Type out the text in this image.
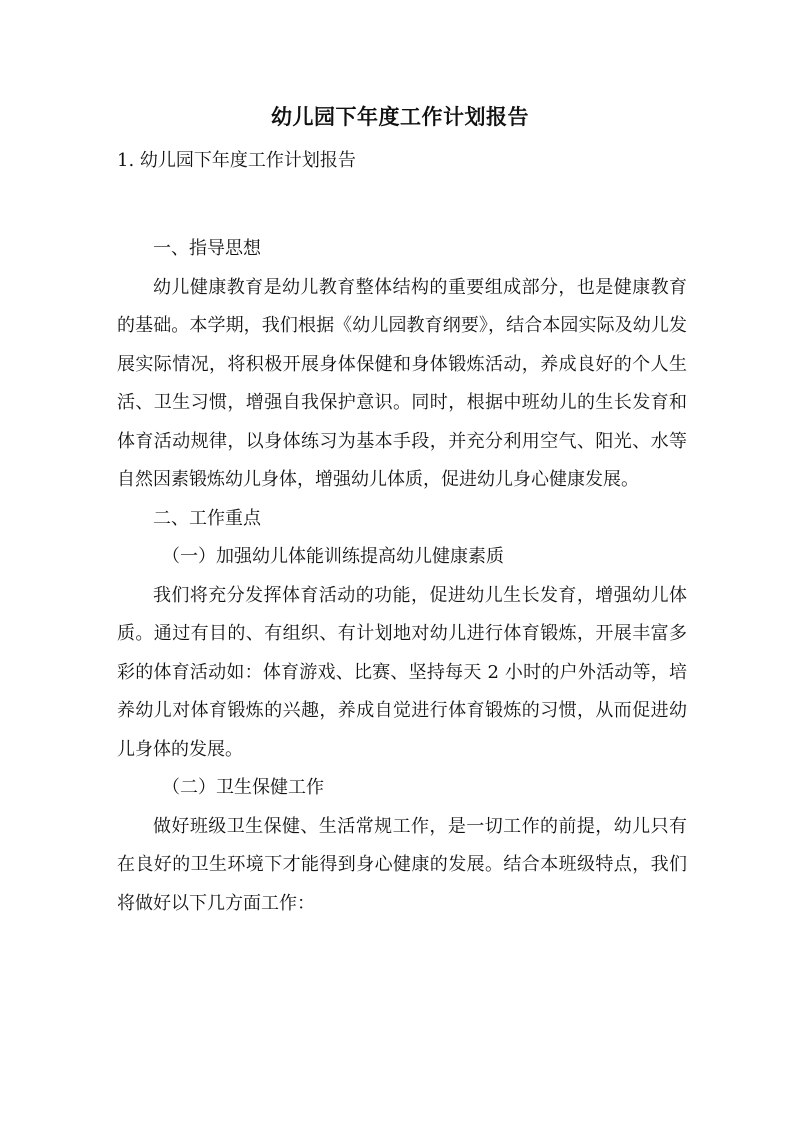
幼儿园下年度工作计划报告

1. 幼儿园下年度工作计划报告

一、指导思想

幼儿健康教育是幼儿教育整体结构的重要组成部分，也是健康教育的基础。本学期，我们根据《幼儿园教育纲要》，结合本园实际及幼儿发展实际情况，将积极开展身体保健和身体锻炼活动，养成良好的个人生活、卫生习惯，增强自我保护意识。同时，根据中班幼儿的生长发育和体育活动规律，以身体练习为基本手段，并充分利用空气、阳光、水等自然因素锻炼幼儿身体，增强幼儿体质，促进幼儿身心健康发展。

二、工作重点

（一）加强幼儿体能训练提高幼儿健康素质

我们将充分发挥体育活动的功能，促进幼儿生长发育，增强幼儿体质。通过有目的、有组织、有计划地对幼儿进行体育锻炼，开展丰富多彩的体育活动如：体育游戏、比赛、坚持每天 2 小时的户外活动等，培养幼儿对体育锻炼的兴趣，养成自觉进行体育锻炼的习惯，从而促进幼儿身体的发展。

（二）卫生保健工作

做好班级卫生保健、生活常规工作，是一切工作的前提，幼儿只有在良好的卫生环境下才能得到身心健康的发展。结合本班级特点，我们将做好以下几方面工作：
